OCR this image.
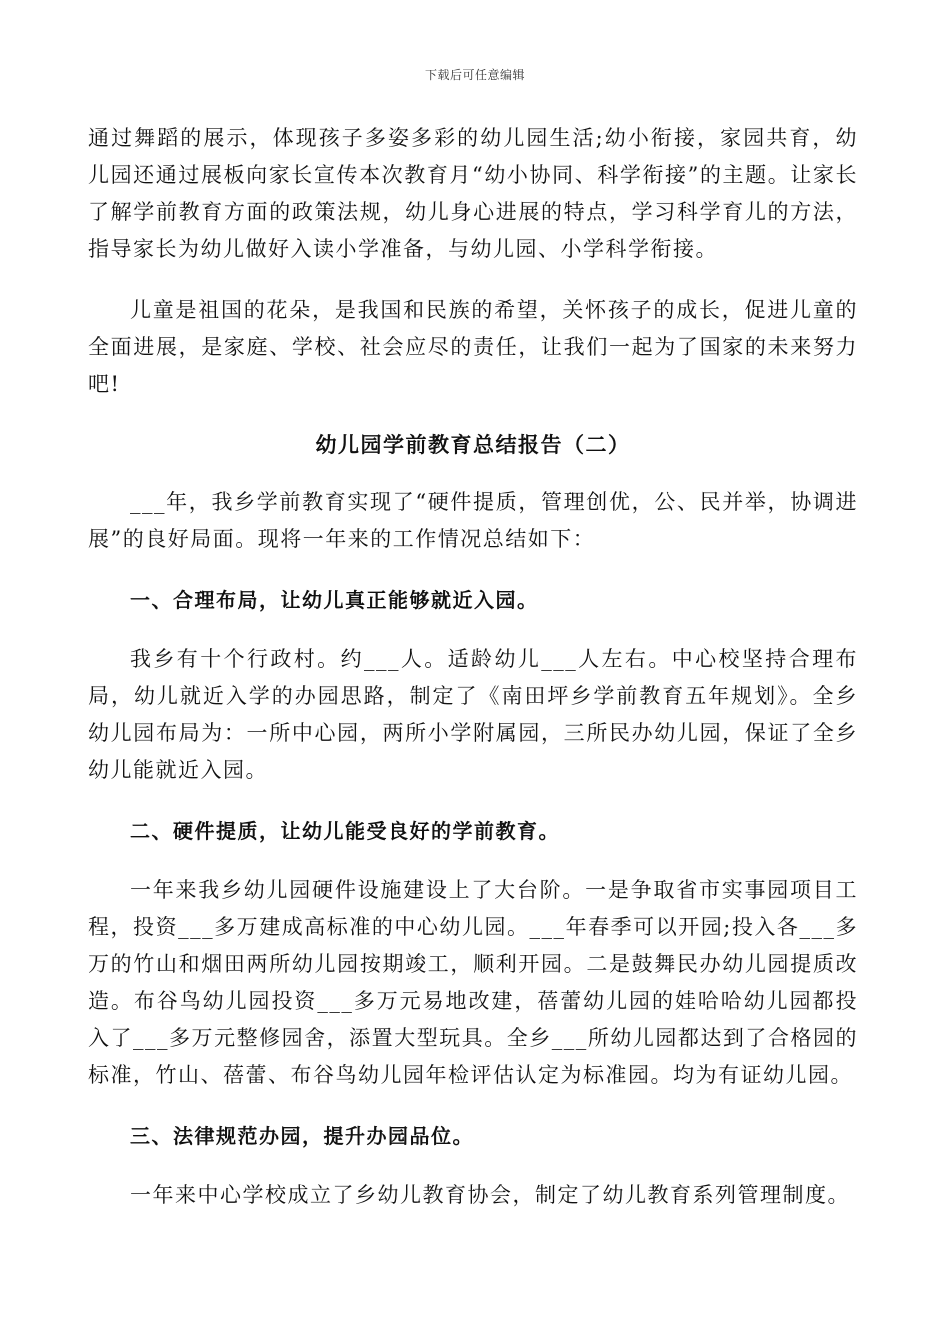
下载后可任意编辑

通过舞蹈的展示，体现孩子多姿多彩的幼儿园生活;幼小衔接，家园共育，幼儿园还通过展板向家长宣传本次教育月“幼小协同、科学衔接”的主题。让家长了解学前教育方面的政策法规，幼儿身心进展的特点，学习科学育儿的方法，指导家长为幼儿做好入读小学准备，与幼儿园、小学科学衔接。

儿童是祖国的花朵，是我国和民族的希望，关怀孩子的成长，促进儿童的全面进展，是家庭、学校、社会应尽的责任，让我们一起为了国家的未来努力吧!

幼儿园学前教育总结报告（二）

___年，我乡学前教育实现了“硬件提质，管理创优，公、民并举，协调进展”的良好局面。现将一年来的工作情况总结如下：

一、合理布局，让幼儿真正能够就近入园。

我乡有十个行政村。约___人。适龄幼儿___人左右。中心校坚持合理布局，幼儿就近入学的办园思路，制定了《南田坪乡学前教育五年规划》。全乡幼儿园布局为：一所中心园，两所小学附属园，三所民办幼儿园，保证了全乡幼儿能就近入园。

二、硬件提质，让幼儿能受良好的学前教育。

一年来我乡幼儿园硬件设施建设上了大台阶。一是争取省市实事园项目工程，投资___多万建成高标准的中心幼儿园。___年春季可以开园;投入各___多万的竹山和烟田两所幼儿园按期竣工，顺利开园。二是鼓舞民办幼儿园提质改造。布谷鸟幼儿园投资___多万元易地改建，蓓蕾幼儿园的娃哈哈幼儿园都投入了___多万元整修园舍，添置大型玩具。全乡___所幼儿园都达到了合格园的标准，竹山、蓓蕾、布谷鸟幼儿园年检评估认定为标准园。均为有证幼儿园。

三、法律规范办园，提升办园品位。

一年来中心学校成立了乡幼儿教育协会，制定了幼儿教育系列管理制度。
